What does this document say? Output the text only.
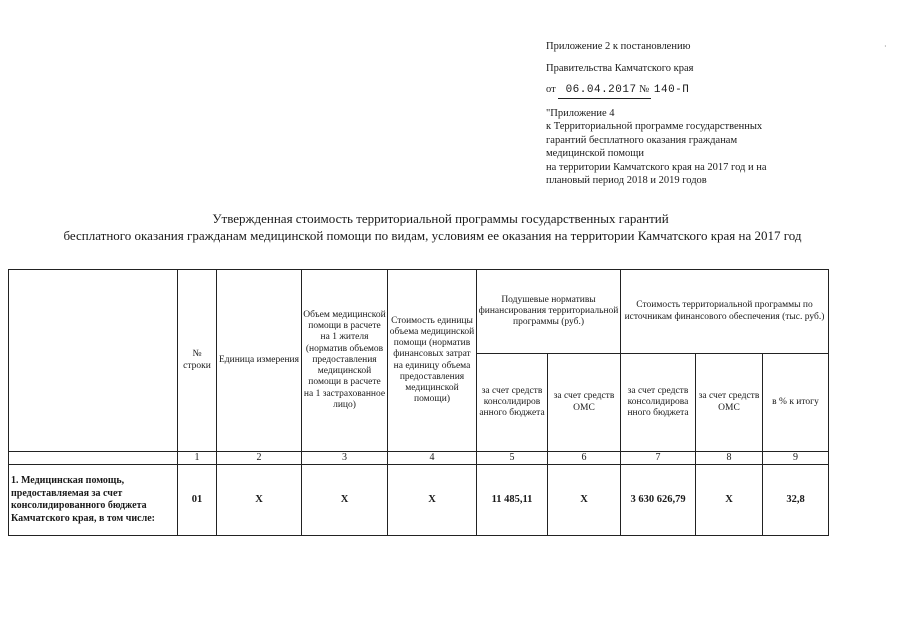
Приложение 2 к постановлению
Правительства Камчатского края
от 06.04.2017 № 140-П
"Приложение 4
к Территориальной программе государственных
гарантий бесплатного оказания гражданам
медицинской помощи
на территории Камчатского края на 2017 год и на
плановый период 2018 и 2019 годов
·
Утвержденная стоимость территориальной программы государственных гарантий
бесплатного оказания гражданам медицинской помощи по видам, условиям ее оказания на территории Камчатского края на 2017 год
	№ строки	Единица измерения	Объем медицинской помощи в расчете на 1 жителя (норматив объемов предоставления медицинской помощи в расчете на 1 застрахованное лицо)	Стоимость единицы объема медицинской помощи (норматив финансовых затрат на единицу объема предоставления медицинской помощи)	Подушевые нормативы финансирования территориальной программы (руб.)		Стоимость территориальной программы по источникам финансового обеспечения (тыс. руб.)		
					за счет средств консолидиров анного бюджета	за счет средств ОМС	за счет средств консолидирова нного бюджета	за счет средств ОМС	в % к итогу
	1	2	3	4	5	6	7	8	9
1. Медицинская помощь, предоставляемая за счет консолидированного бюджета Камчатского края, в том числе:	01	Х	Х	Х	11 485,11	Х	3 630 626,79	Х	32,8
